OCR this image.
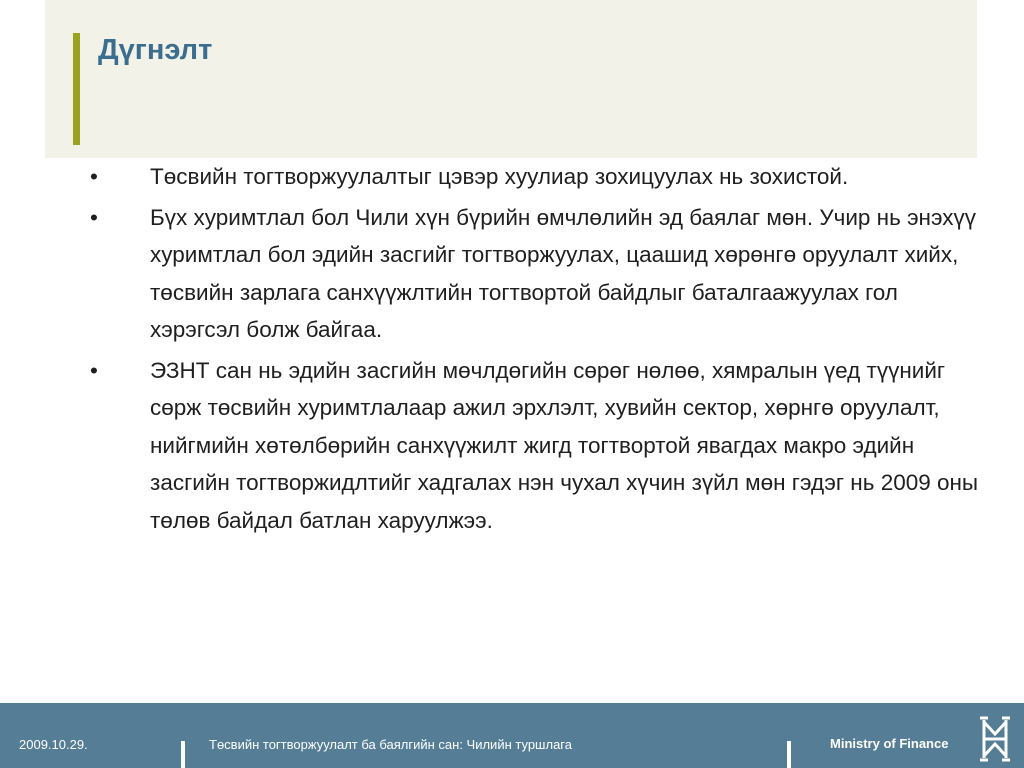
Дүгнэлт
•	Төсвийн тогтворжуулалтыг цэвэр хуулиар зохицуулах нь зохистой.
•	Бүх хуримтлал бол Чили хүн бүрийн өмчлөлийн эд баялаг мөн. Учир нь энэхүү хуримтлал бол эдийн засгийг тогтворжуулах, цаашид хөрөнгө оруулалт хийх, төсвийн зарлага санхүүжлтийн тогтвортой байдлыг баталгаажуулах гол хэрэгсэл болж байгаа.
•	ЭЗНТ сан нь эдийн засгийн мөчлдөгийн сөрөг нөлөө, хямралын үед түүнийг сөрж төсвийн хуримтлалаар ажил эрхлэлт, хувийн сектор, хөрнгө оруулалт, нийгмийн хөтөлбөрийн санхүүжилт жигд тогтвортой явагдах макро эдийн засгийн тогтворжидлтийг хадгалах нэн чухал хүчин зүйл мөн гэдэг нь 2009 оны төлөв байдал батлан харуулжээ.
2009.10.29.	Төсвийн тогтворжуулалт ба баялгийн сан: Чилийн туршлага	Ministry of Finance
